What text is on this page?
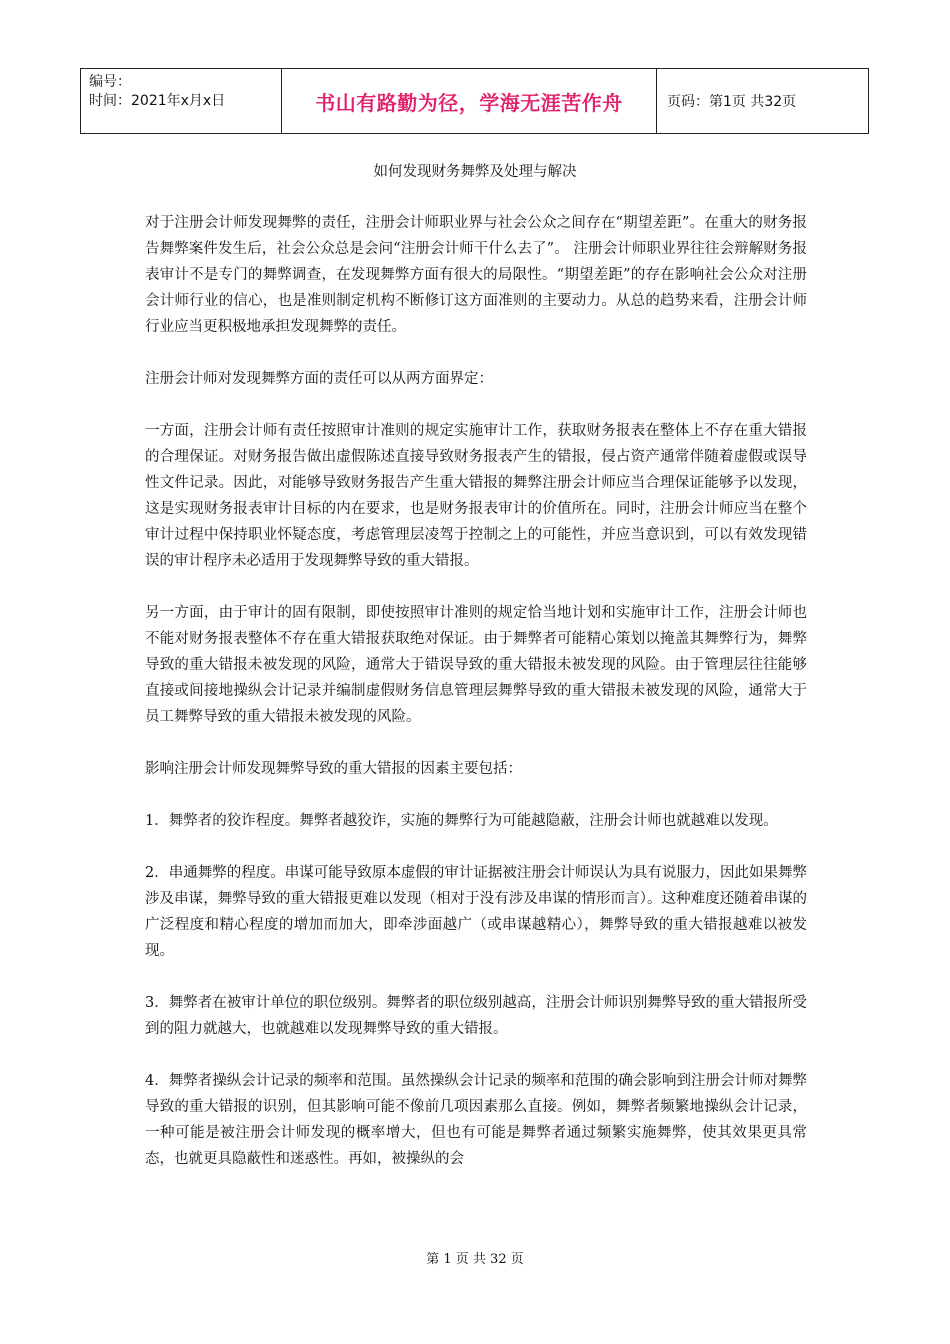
编号：
时间：2021年x月x日	书山有路勤为径，学海无涯苦作舟	页码：第1页 共32页
如何发现财务舞弊及处理与解决

对于注册会计师发现舞弊的责任，注册会计师职业界与社会公众之间存在“期望差距”。在重大的财务报告舞弊案件发生后，社会公众总是会问“注册会计师干什么去了”。 注册会计师职业界往往会辩解财务报表审计不是专门的舞弊调查，在发现舞弊方面有很大的局限性。“期望差距”的存在影响社会公众对注册会计师行业的信心，也是准则制定机构不断修订这方面准则的主要动力。从总的趋势来看，注册会计师行业应当更积极地承担发现舞弊的责任。

注册会计师对发现舞弊方面的责任可以从两方面界定：

一方面，注册会计师有责任按照审计准则的规定实施审计工作，获取财务报表在整体上不存在重大错报的合理保证。对财务报告做出虚假陈述直接导致财务报表产生的错报，侵占资产通常伴随着虚假或误导性文件记录。因此，对能够导致财务报告产生重大错报的舞弊注册会计师应当合理保证能够予以发现，这是实现财务报表审计目标的内在要求，也是财务报表审计的价值所在。同时，注册会计师应当在整个审计过程中保持职业怀疑态度，考虑管理层凌驾于控制之上的可能性，并应当意识到，可以有效发现错误的审计程序未必适用于发现舞弊导致的重大错报。

另一方面，由于审计的固有限制，即使按照审计准则的规定恰当地计划和实施审计工作，注册会计师也不能对财务报表整体不存在重大错报获取绝对保证。由于舞弊者可能精心策划以掩盖其舞弊行为，舞弊导致的重大错报未被发现的风险，通常大于错误导致的重大错报未被发现的风险。由于管理层往往能够直接或间接地操纵会计记录并编制虚假财务信息管理层舞弊导致的重大错报未被发现的风险，通常大于员工舞弊导致的重大错报未被发现的风险。

影响注册会计师发现舞弊导致的重大错报的因素主要包括：

1．舞弊者的狡诈程度。舞弊者越狡诈，实施的舞弊行为可能越隐蔽，注册会计师也就越难以发现。

2．串通舞弊的程度。串谋可能导致原本虚假的审计证据被注册会计师误认为具有说服力，因此如果舞弊涉及串谋，舞弊导致的重大错报更难以发现（相对于没有涉及串谋的情形而言）。这种难度还随着串谋的广泛程度和精心程度的增加而加大，即牵涉面越广（或串谋越精心），舞弊导致的重大错报越难以被发现。

3．舞弊者在被审计单位的职位级别。舞弊者的职位级别越高，注册会计师识别舞弊导致的重大错报所受到的阻力就越大，也就越难以发现舞弊导致的重大错报。

4．舞弊者操纵会计记录的频率和范围。虽然操纵会计记录的频率和范围的确会影响到注册会计师对舞弊导致的重大错报的识别，但其影响可能不像前几项因素那么直接。例如，舞弊者频繁地操纵会计记录，一种可能是被注册会计师发现的概率增大，但也有可能是舞弊者通过频繁实施舞弊，使其效果更具常态，也就更具隐蔽性和迷惑性。再如，被操纵的会

第 1 页 共 32 页
